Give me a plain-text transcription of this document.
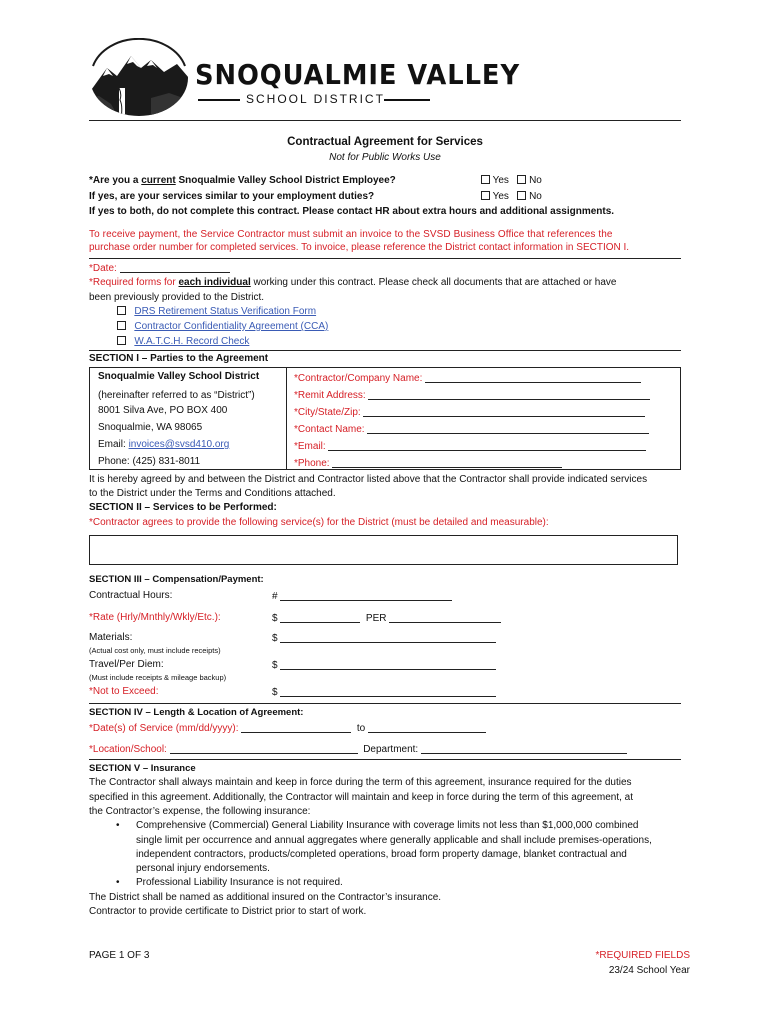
SNOQUALMIE VALLEY
SCHOOL DISTRICT
Contractual Agreement for Services
Not for Public Works Use
*Are you a current Snoqualmie Valley School District Employee?	Yes No
If yes, are your services similar to your employment duties?	Yes No
If yes to both, do not complete this contract. Please contact HR about extra hours and additional assignments.
To receive payment, the Service Contractor must submit an invoice to the SVSD Business Office that references the
purchase order number for completed services. To invoice, please reference the District contact information in SECTION I.
*Date:
*Required forms for each individual working under this contract. Please check all documents that are attached or have
been previously provided to the District.
DRS Retirement Status Verification Form
Contractor Confidentiality Agreement (CCA)
W.A.T.C.H. Record Check
SECTION I – Parties to the Agreement
Snoqualmie Valley School District
(hereinafter referred to as “District”)
8001 Silva Ave, PO BOX 400
Snoqualmie, WA 98065
Email: invoices@svsd410.org
Phone: (425) 831-8011
*Contractor/Company Name:
*Remit Address:
*City/State/Zip:
*Contact Name:
*Email:
*Phone:
It is hereby agreed by and between the District and Contractor listed above that the Contractor shall provide indicated services
to the District under the Terms and Conditions attached.
SECTION II – Services to be Performed:
*Contractor agrees to provide the following service(s) for the District (must be detailed and measurable):
SECTION III – Compensation/Payment:
Contractual Hours:	#
*Rate (Hrly/Mnthly/Wkly/Etc.):	$	PER
Materials:
(Actual cost only, must include receipts)
$
Travel/Per Diem:
(Must include receipts & mileage backup)
$
*Not to Exceed:	$
SECTION IV – Length & Location of Agreement:
*Date(s) of Service (mm/dd/yyyy):	to
*Location/School:	Department:
SECTION V – Insurance
The Contractor shall always maintain and keep in force during the term of this agreement, insurance required for the duties
specified in this agreement. Additionally, the Contractor will maintain and keep in force during the term of this agreement, at
the Contractor’s expense, the following insurance:
• Comprehensive (Commercial) General Liability Insurance with coverage limits not less than $1,000,000 combined
single limit per occurrence and annual aggregates where generally applicable and shall include premises-operations,
independent contractors, products/completed operations, broad form property damage, blanket contractual and
personal injury endorsements.
• Professional Liability Insurance is not required.
The District shall be named as additional insured on the Contractor’s insurance.
Contractor to provide certificate to District prior to start of work.
PAGE 1 OF 3	*REQUIRED FIELDS
23/24 School Year
